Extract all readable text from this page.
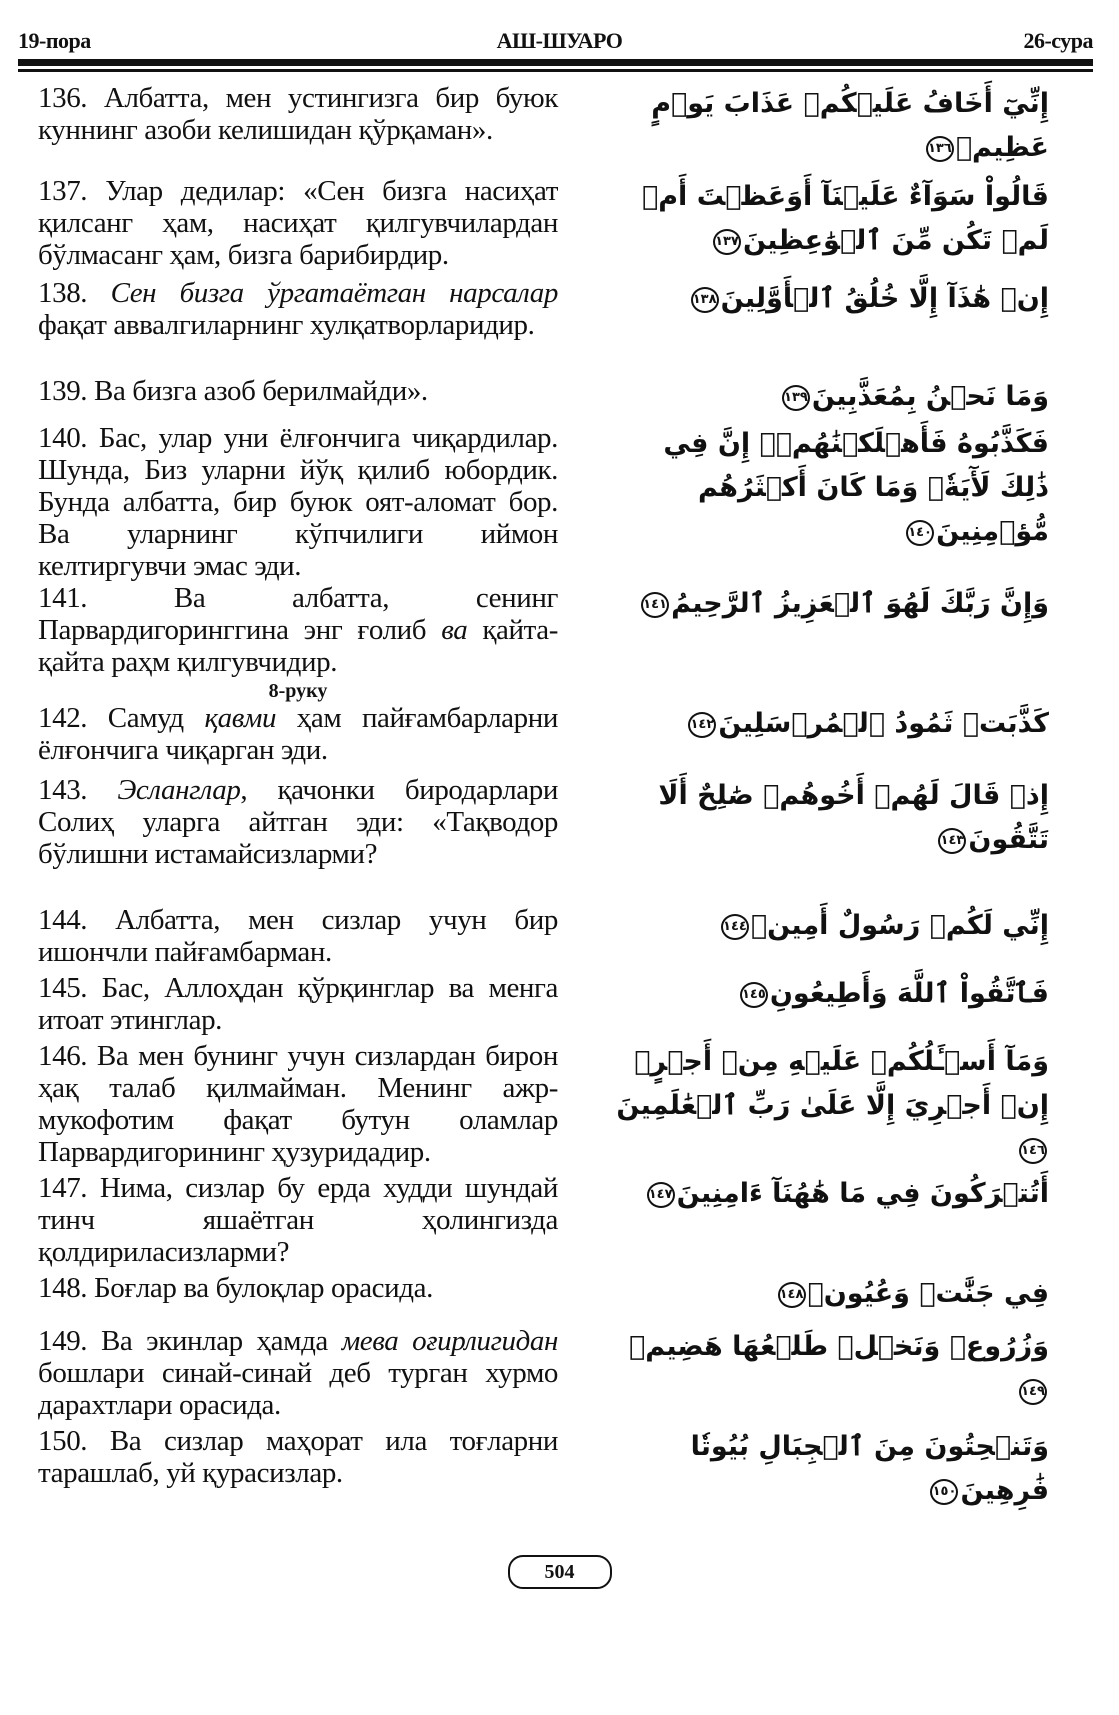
19-пора	АШ-ШУАРО	26-сура
136. Албатта, мен устингизга бир буюк куннинг азоби келишидан қўрқаман».
إِنِّيٓ أَخَافُ عَلَيۡكُمۡ عَذَابَ يَوۡمٍ عَظِيمٖ١٣٦
137. Улар дедилар: «Сен бизга насиҳат қилсанг ҳам, насиҳат қилгувчилардан бўлмасанг ҳам, бизга барибирдир.
قَالُواْ سَوَآءٌ عَلَيۡنَآ أَوَعَظۡتَ أَمۡ لَمۡ تَكُن مِّنَ ٱلۡوَٰعِظِينَ١٣٧
138. Сен бизга ўргатаётган нарсалар фақат аввалгиларнинг хулқатворларидир.
إِنۡ هَٰذَآ إِلَّا خُلُقُ ٱلۡأَوَّلِينَ١٣٨
139. Ва бизга азоб берилмайди».	وَمَا نَحۡنُ بِمُعَذَّبِينَ١٣٩
140. Бас, улар уни ёлғончига чиқардилар. Шунда, Биз уларни йўқ қилиб юбордик. Бунда албатта, бир буюк оят-аломат бор. Ва уларнинг кўпчилиги иймон келтиргувчи эмас эди.
فَكَذَّبُوهُ فَأَهۡلَكۡنَٰهُمۡۚ إِنَّ فِي ذَٰلِكَ لَأٓيَةٗۖ وَمَا كَانَ أَكۡثَرُهُم مُّؤۡمِنِينَ١٤٠
141. Ва албатта, сенинг Парвардигоринггина энг ғолиб ва қайта-қайта раҳм қилгувчидир.
وَإِنَّ رَبَّكَ لَهُوَ ٱلۡعَزِيزُ ٱلرَّحِيمُ١٤١
8-руку
142. Самуд қавми ҳам пайғамбарларни ёлғончига чиқарган эди.
كَذَّبَتۡ ثَمُودُ ٱلۡمُرۡسَلِينَ١٤٢
143. Эсланглар, қачонки биродарлари Солиҳ уларга айтган эди: «Тақводор бўлишни истамайсизларми?
إِذۡ قَالَ لَهُمۡ أَخُوهُمۡ صَٰلِحٌ أَلَا تَتَّقُونَ١٤٣
144. Албатта, мен сизлар учун бир ишончли пайғамбарман.
إِنِّي لَكُمۡ رَسُولٌ أَمِينٞ١٤٤
145. Бас, Аллоҳдан қўрқинглар ва менга итоат этинглар.
فَٱتَّقُواْ ٱللَّهَ وَأَطِيعُونِ١٤٥
146. Ва мен бунинг учун сизлардан бирон ҳақ талаб қилмайман. Менинг ажр-мукофотим фақат бутун оламлар Парвардигорининг ҳузуридадир.
وَمَآ أَسۡـَٔلُكُمۡ عَلَيۡهِ مِنۡ أَجۡرٍۖ إِنۡ أَجۡرِيَ إِلَّا عَلَىٰ رَبِّ ٱلۡعَٰلَمِينَ١٤٦
147. Нима, сизлар бу ерда худди шундай тинч яшаётган ҳолингизда қолдириласизларми?
أَتُتۡرَكُونَ فِي مَا هَٰهُنَآ ءَامِنِينَ١٤٧
148. Боғлар ва булоқлар орасида.	فِي جَنَّٰتٖ وَعُيُونٖ١٤٨
149. Ва экинлар ҳамда мева оғирлигидан бошлари синай-синай деб турган хурмо дарахтлари орасида.
وَزُرُوعٖ وَنَخۡلٖ طَلۡعُهَا هَضِيمٞ١٤٩
150. Ва сизлар маҳорат ила тоғларни тарашлаб, уй қурасизлар.
وَتَنۡحِتُونَ مِنَ ٱلۡجِبَالِ بُيُوتٗا فَٰرِهِينَ١٥٠
504
